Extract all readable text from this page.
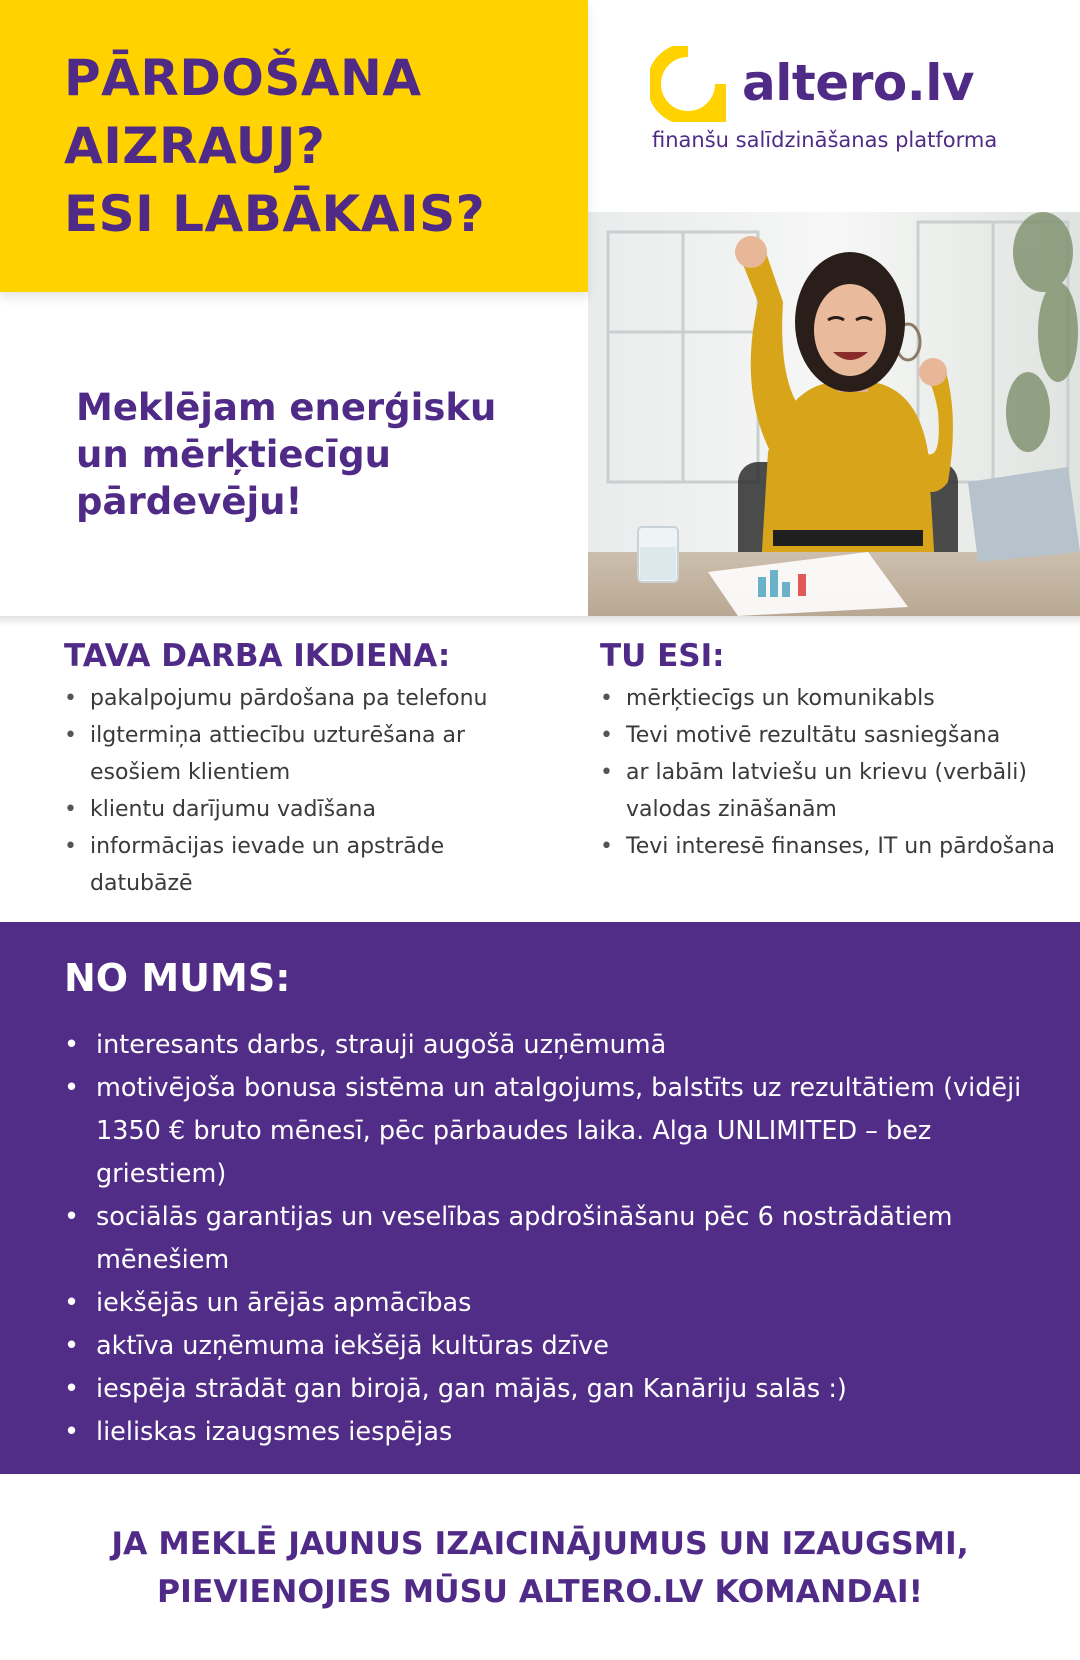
PĀRDOŠANA
AIZRAUJ?
ESI LABĀKAIS?
altero.lv
finanšu salīdzināšanas platforma
Meklējam enerģisku
un mērķtiecīgu
pārdevēju!
TAVA DARBA IKDIENA:
• pakalpojumu pārdošana pa telefonu
• ilgtermiņa attiecību uzturēšana ar esošiem klientiem
• klientu darījumu vadīšana
• informācijas ievade un apstrāde datubāzē
TU ESI:
• mērķtiecīgs un komunikabls
• Tevi motivē rezultātu sasniegšana
• ar labām latviešu un krievu (verbāli) valodas zināšanām
• Tevi interesē finanses, IT un pārdošana
NO MUMS:
• interesants darbs, strauji augošā uzņēmumā
• motivējoša bonusa sistēma un atalgojums, balstīts uz rezultātiem (vidēji 1350 € bruto mēnesī, pēc pārbaudes laika. Alga UNLIMITED – bez griestiem)
• sociālās garantijas un veselības apdrošināšanu pēc 6 nostrādātiem mēnešiem
• iekšējās un ārējās apmācības
• aktīva uzņēmuma iekšējā kultūras dzīve
• iespēja strādāt gan birojā, gan mājās, gan Kanāriju salās :)
• lieliskas izaugsmes iespējas
JA MEKLĒ JAUNUS IZAICINĀJUMUS UN IZAUGSMI,
PIEVIENOJIES MŪSU ALTERO.LV KOMANDAI!
